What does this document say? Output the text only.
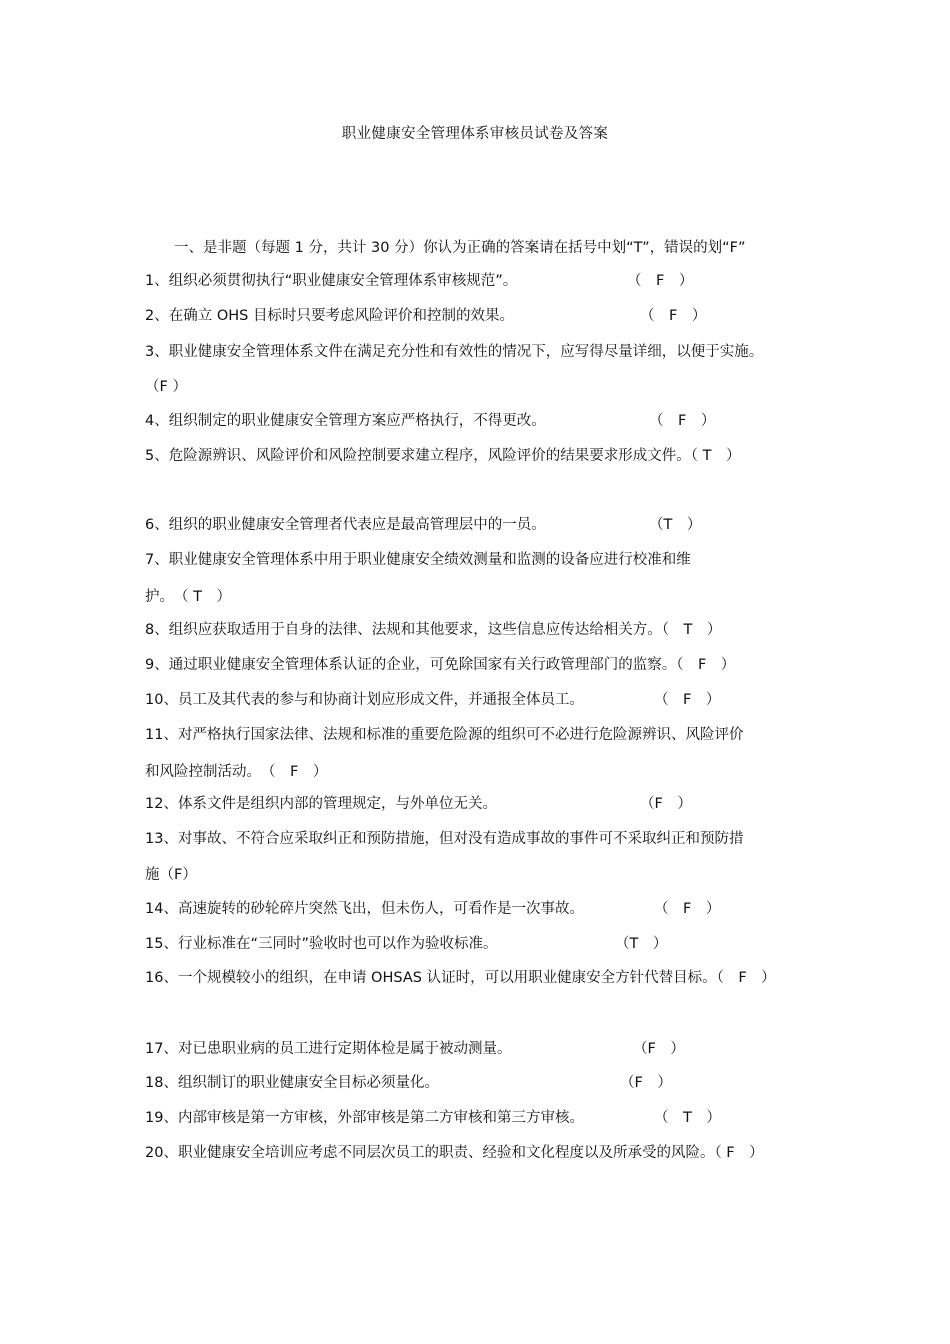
职业健康安全管理体系审核员试卷及答案
一、是非题（每题 1 分，共计 30 分）你认为正确的答案请在括号中划“T”，错误的划“F”
1、组织必须贯彻执行“职业健康安全管理体系审核规范”。	（　F　）
2、在确立 OHS 目标时只要考虑风险评价和控制的效果。	（　F　）
3、职业健康安全管理体系文件在满足充分性和有效性的情况下，应写得尽量详细，以便于实施。
（F ）
4、组织制定的职业健康安全管理方案应严格执行，不得更改。	（　F　）
5、危险源辨识、风险评价和风险控制要求建立程序，风险评价的结果要求形成文件。（ T　）
6、组织的职业健康安全管理者代表应是最高管理层中的一员。	（T　）
7、职业健康安全管理体系中用于职业健康安全绩效测量和监测的设备应进行校准和维
护。　（ T　）
8、组织应获取适用于自身的法律、法规和其他要求，这些信息应传达给相关方。（　T　）
9、通过职业健康安全管理体系认证的企业，可免除国家有关行政管理部门的监察。（　F　）
10、员工及其代表的参与和协商计划应形成文件，并通报全体员工。	（　F　）
11、对严格执行国家法律、法规和标准的重要危险源的组织可不必进行危险源辨识、风险评价
和风险控制活动。　（　F　）
12、体系文件是组织内部的管理规定，与外单位无关。	（F　）
13、对事故、不符合应采取纠正和预防措施，但对没有造成事故的事件可不采取纠正和预防措
施（F）
14、高速旋转的砂轮碎片突然飞出，但未伤人，可看作是一次事故。	（　F　）
15、行业标准在“三同时”验收时也可以作为验收标准。	（T　）
16、一个规模较小的组织，在申请 OHSAS 认证时，可以用职业健康安全方针代替目标。（　F　）
17、对已患职业病的员工进行定期体检是属于被动测量。	（F　）
18、组织制订的职业健康安全目标必须量化。	（F　）
19、内部审核是第一方审核，外部审核是第二方审核和第三方审核。	（　T　）
20、职业健康安全培训应考虑不同层次员工的职责、经验和文化程度以及所承受的风险。（ F　）
